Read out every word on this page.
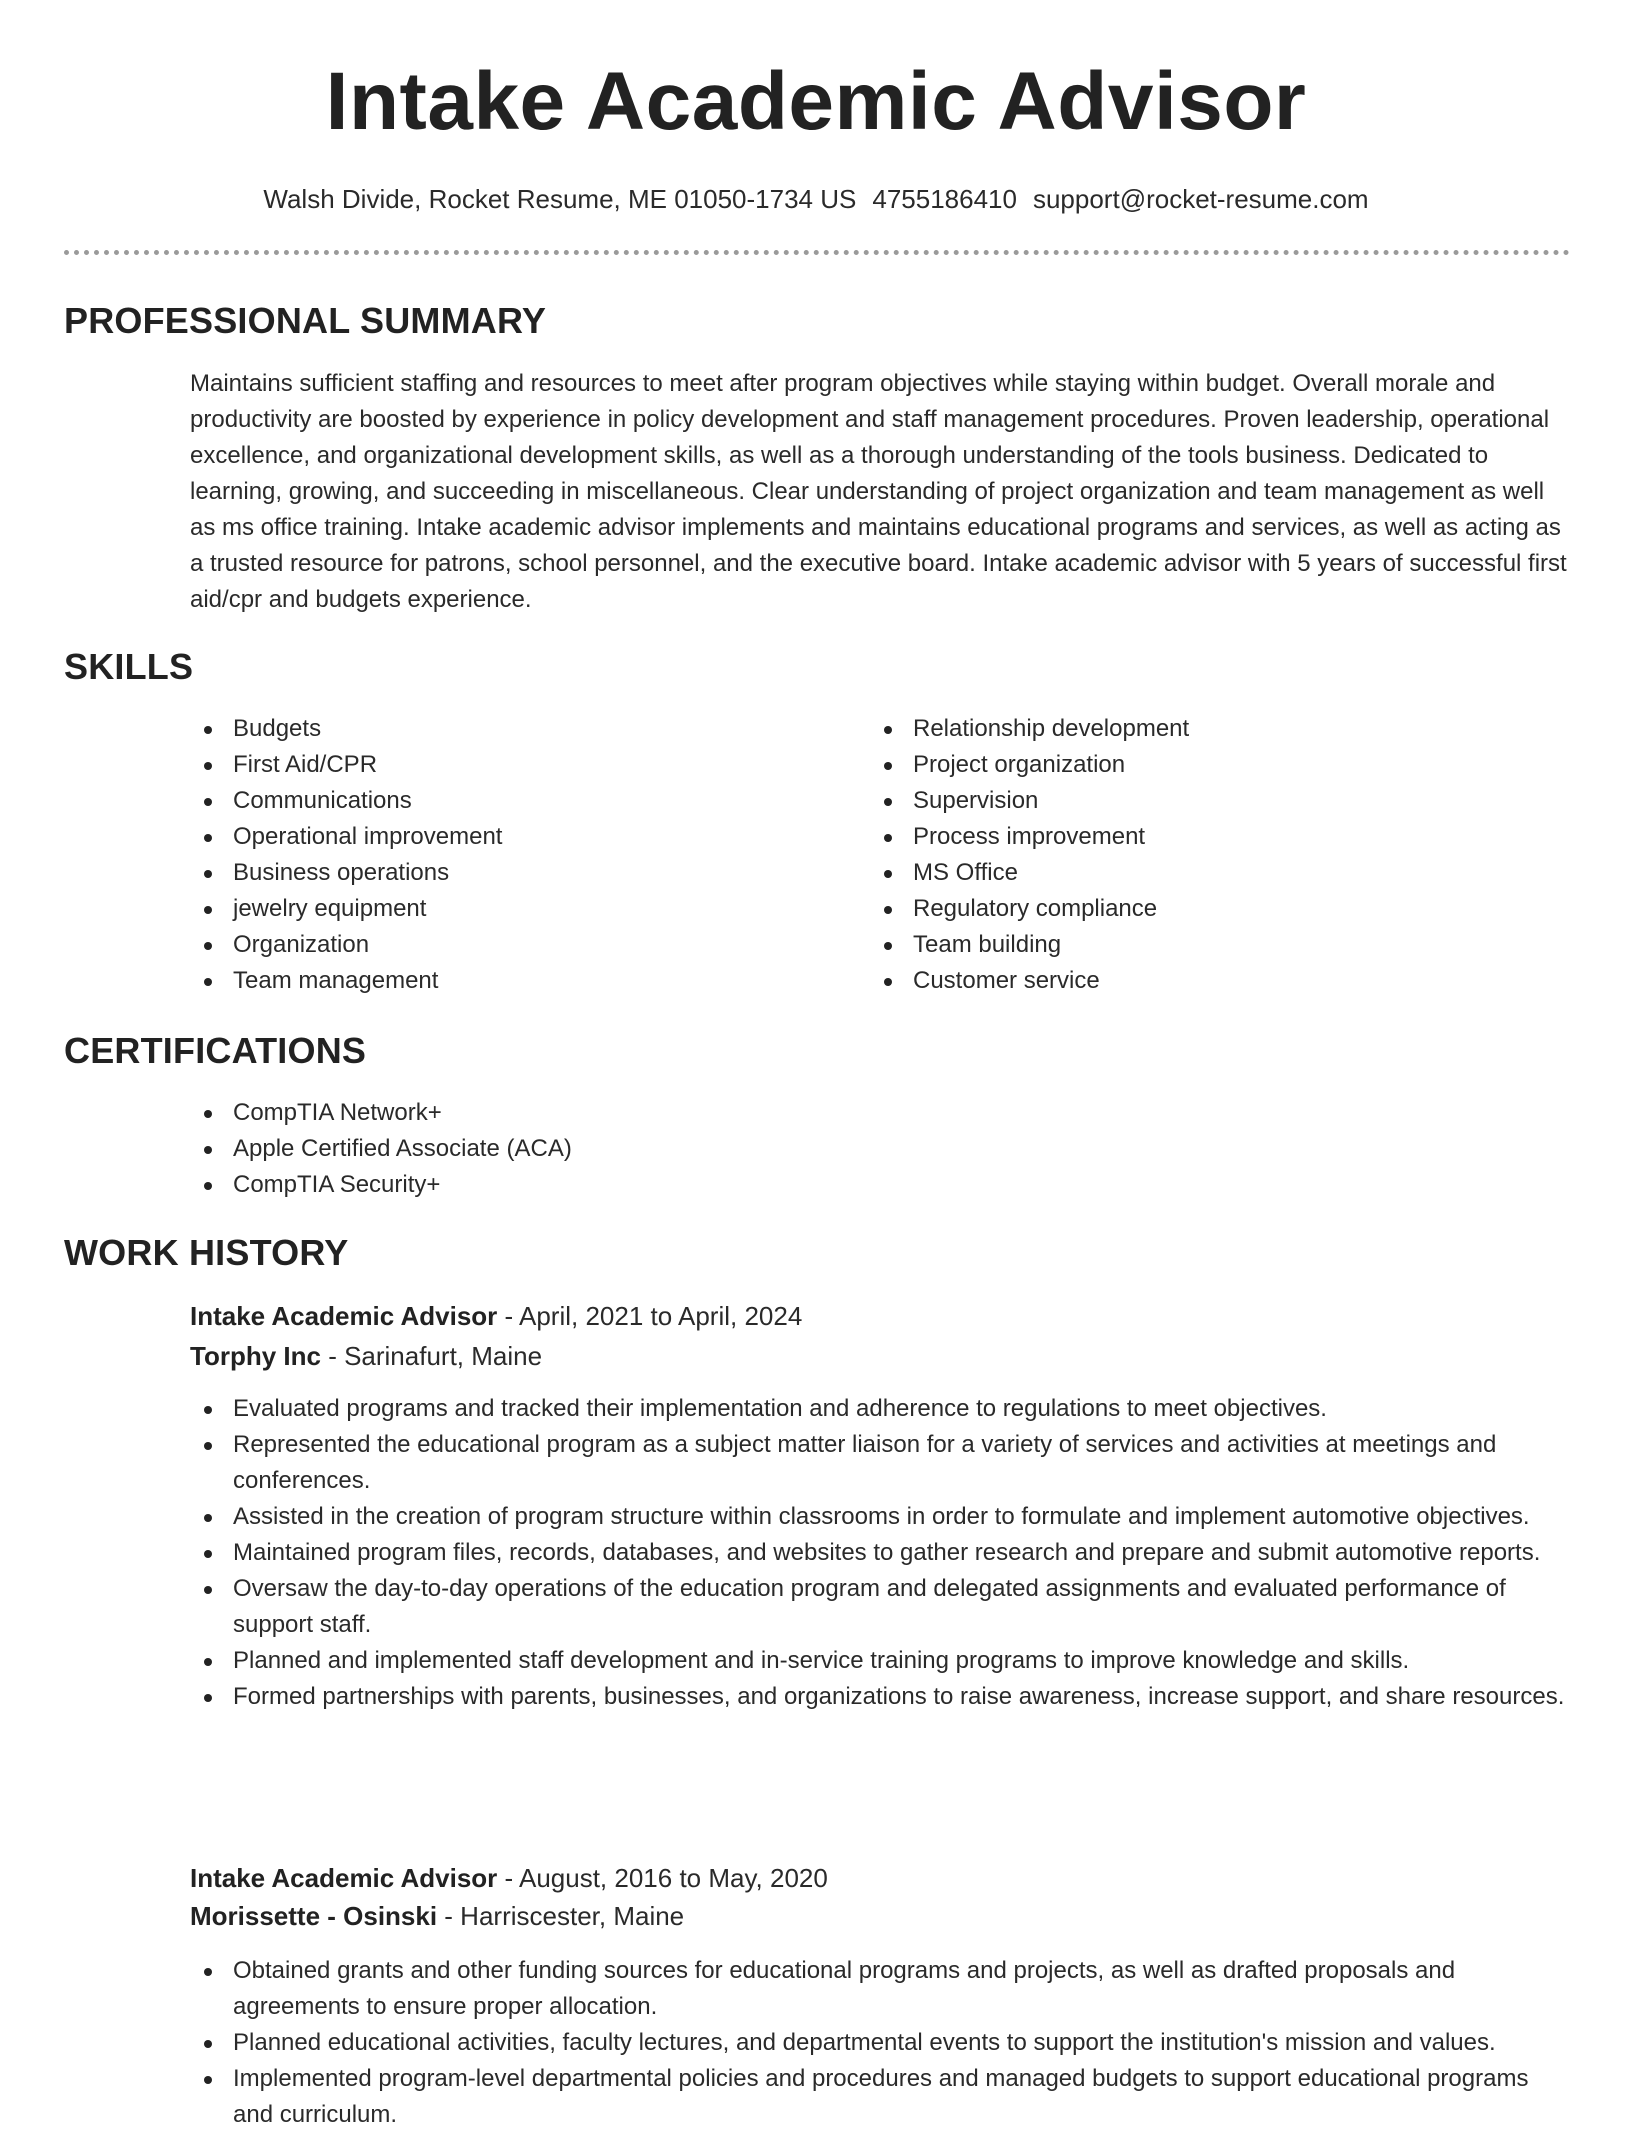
Intake Academic Advisor
Walsh Divide, Rocket Resume, ME 01050-1734 US 4755186410 support@rocket-resume.com
PROFESSIONAL SUMMARY
Maintains sufficient staffing and resources to meet after program objectives while staying within budget. Overall morale and productivity are boosted by experience in policy development and staff management procedures. Proven leadership, operational excellence, and organizational development skills, as well as a thorough understanding of the tools business. Dedicated to learning, growing, and succeeding in miscellaneous. Clear understanding of project organization and team management as well as ms office training. Intake academic advisor implements and maintains educational programs and services, as well as acting as a trusted resource for patrons, school personnel, and the executive board. Intake academic advisor with 5 years of successful first aid/cpr and budgets experience.
SKILLS
Budgets
First Aid/CPR
Communications
Operational improvement
Business operations
jewelry equipment
Organization
Team management
Relationship development
Project organization
Supervision
Process improvement
MS Office
Regulatory compliance
Team building
Customer service
CERTIFICATIONS
CompTIA Network+
Apple Certified Associate (ACA)
CompTIA Security+
WORK HISTORY
Intake Academic Advisor - April, 2021 to April, 2024
Torphy Inc - Sarinafurt, Maine
Evaluated programs and tracked their implementation and adherence to regulations to meet objectives.
Represented the educational program as a subject matter liaison for a variety of services and activities at meetings and conferences.
Assisted in the creation of program structure within classrooms in order to formulate and implement automotive objectives.
Maintained program files, records, databases, and websites to gather research and prepare and submit automotive reports.
Oversaw the day-to-day operations of the education program and delegated assignments and evaluated performance of support staff.
Planned and implemented staff development and in-service training programs to improve knowledge and skills.
Formed partnerships with parents, businesses, and organizations to raise awareness, increase support, and share resources.
Intake Academic Advisor - August, 2016 to May, 2020
Morissette - Osinski - Harriscester, Maine
Obtained grants and other funding sources for educational programs and projects, as well as drafted proposals and agreements to ensure proper allocation.
Planned educational activities, faculty lectures, and departmental events to support the institution's mission and values.
Implemented program-level departmental policies and procedures and managed budgets to support educational programs and curriculum.
